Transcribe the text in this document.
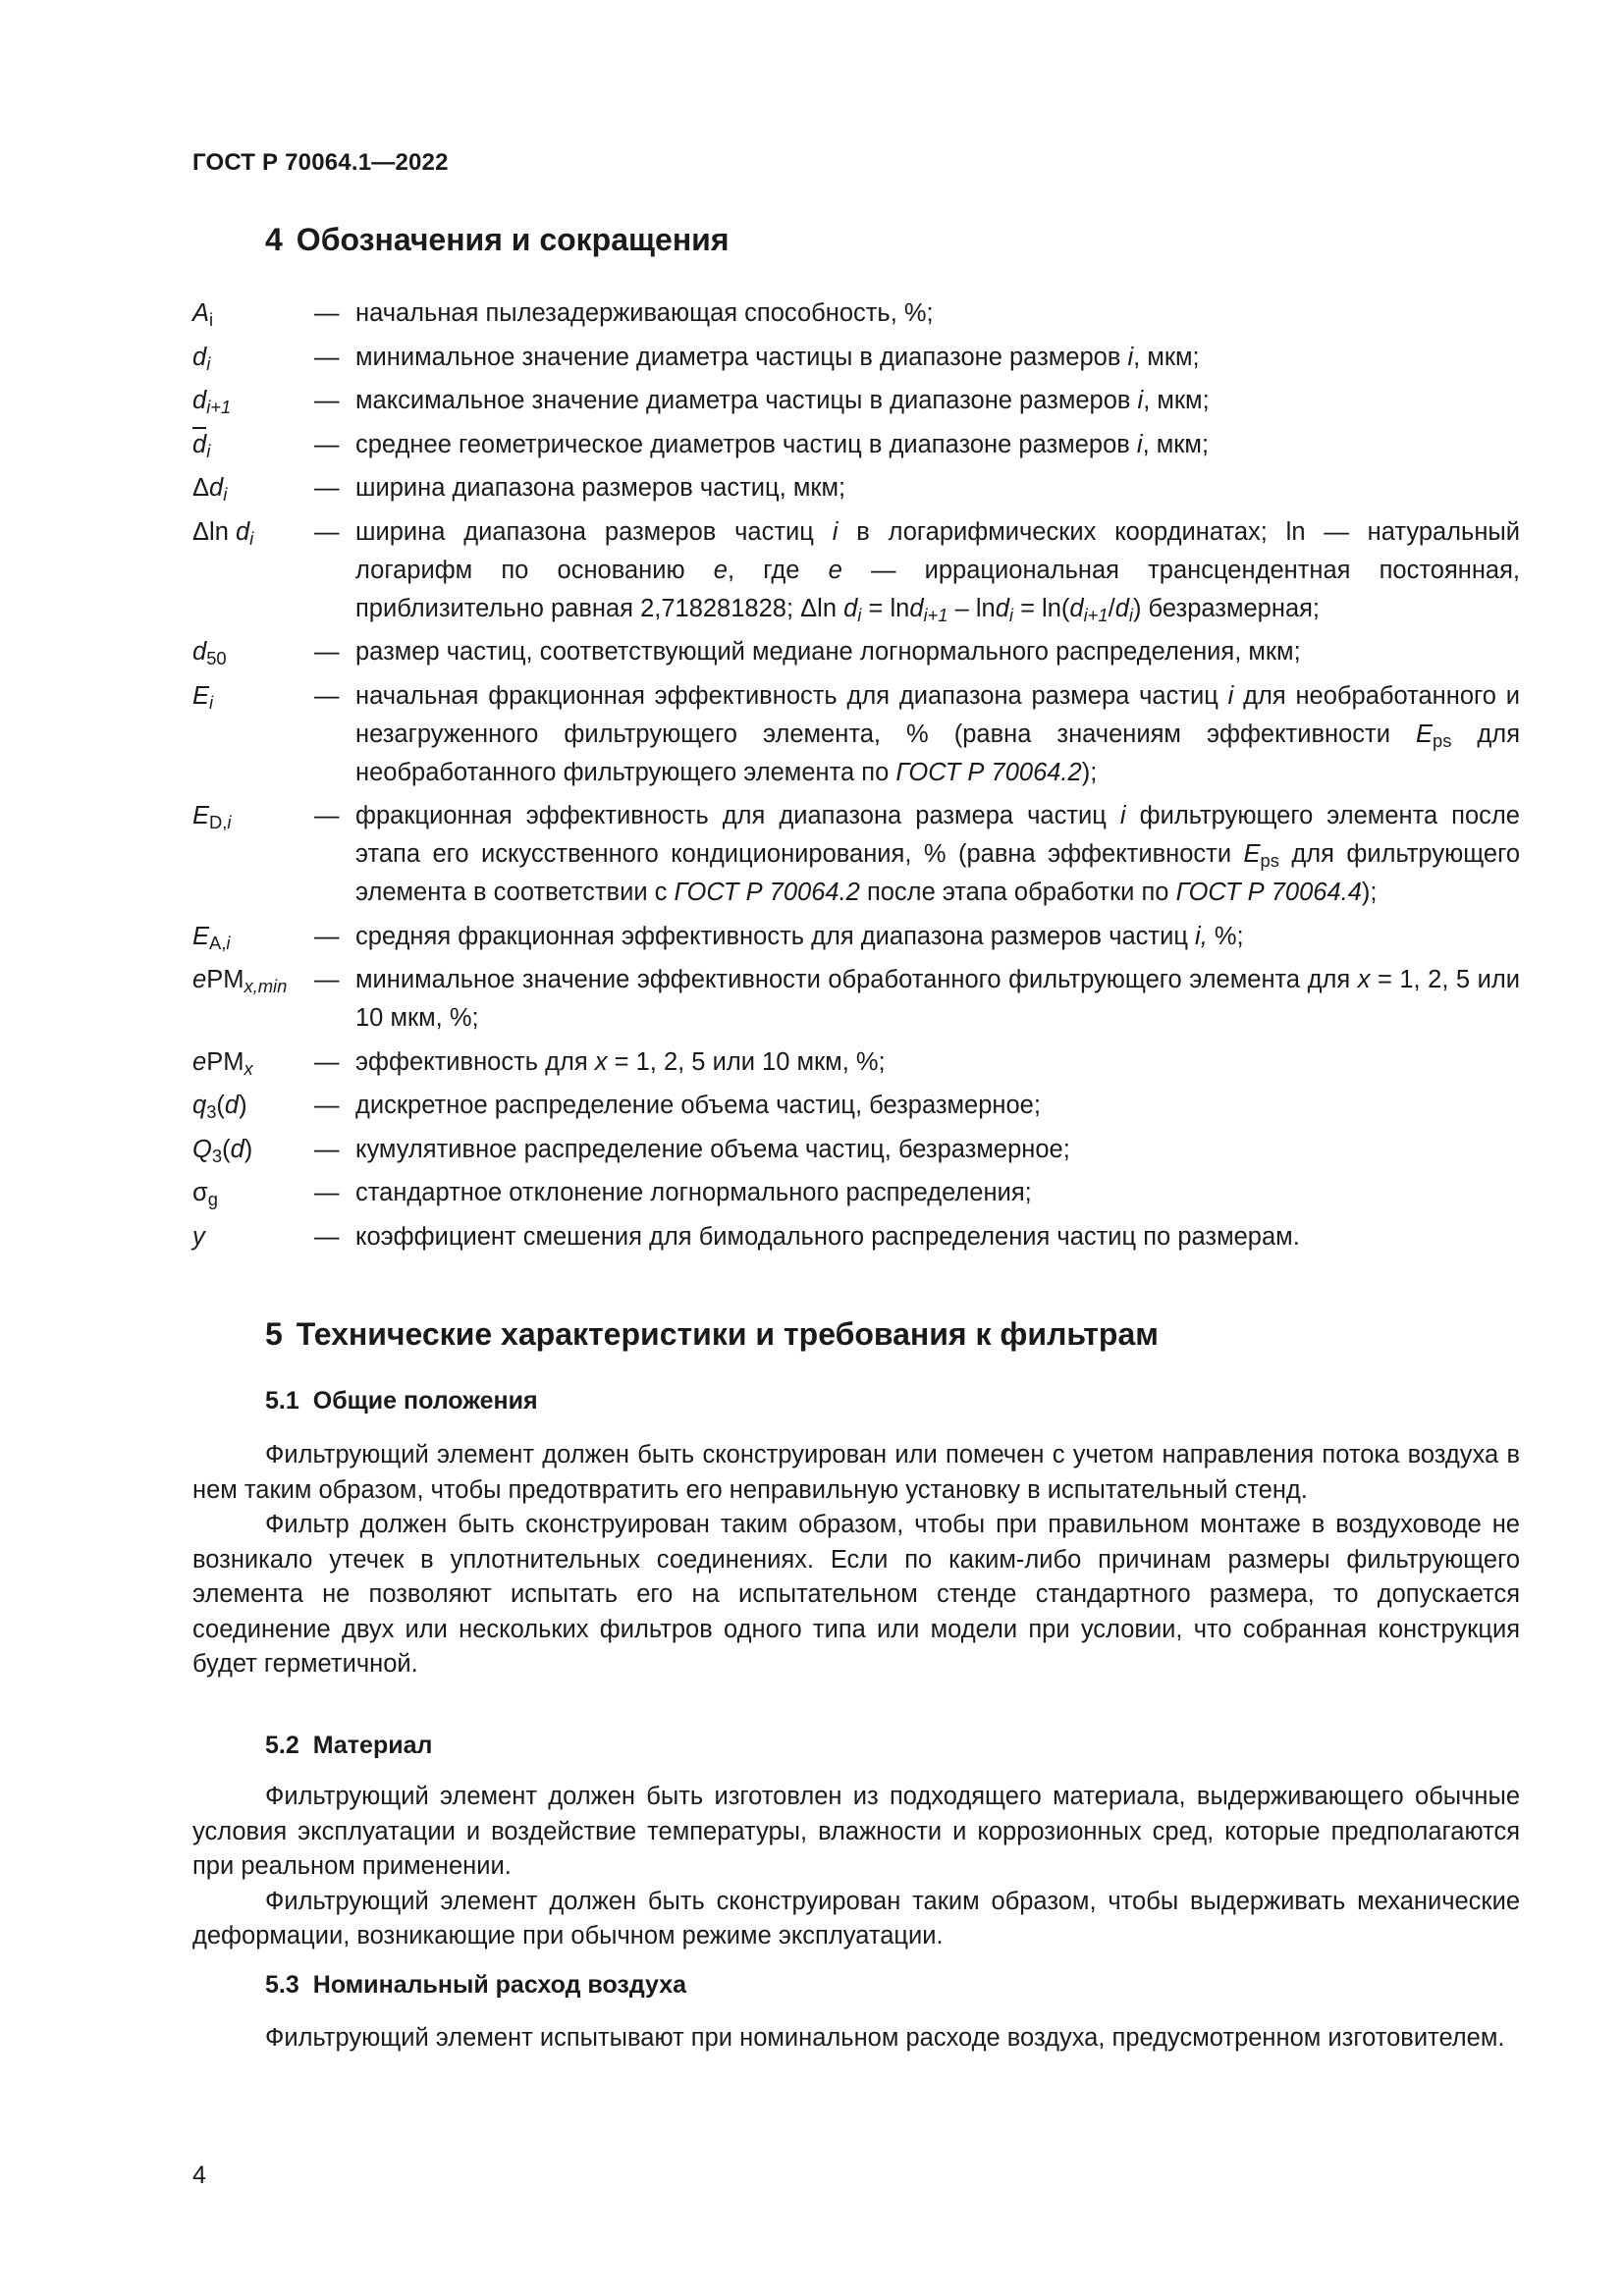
ГОСТ Р 70064.1—2022
4 Обозначения и сокращения
$A_i$	— начальная пылезадерживающая способность, %;
$d_i$	— минимальное значение диаметра частицы в диапазоне размеров i, мкм;
$d_{i+1}$	— максимальное значение диаметра частицы в диапазоне размеров i, мкм;
$d_i$	— среднее геометрическое диаметров частиц в диапазоне размеров i, мкм;
$\Delta d_i$	— ширина диапазона размеров частиц, мкм;
Δln $d_i$	— ширина диапазона размеров частиц i в логарифмических координатах; ln — натуральный логарифм по основанию e, где e — иррациональная трансцендентная постоянная, приблизительно равная 2,718281828; Δln $d_i = \ln d_{i+1} - \ln d_i = \ln(d_{i+1}/d_i)$ безразмерная;
$d_{50}$	— размер частиц, соответствующий медиане логнормального распределения, мкм;
$E_i$	— начальная фракционная эффективность для диапазона размера частиц i для необработанного и незагруженного фильтрующего элемента, % (равна значениям эффективности $E_{ps}$ для необработанного фильтрующего элемента по ГОСТ Р 70064.2);
$E_{D,i}$	— фракционная эффективность для диапазона размера частиц i фильтрующего элемента после этапа его искусственного кондиционирования, % (равна эффективности $E_{ps}$ для фильтрующего элемента в соответствии с ГОСТ Р 70064.2 после этапа обработки по ГОСТ Р 70064.4);
$E_{A,i}$	— средняя фракционная эффективность для диапазона размеров частиц i, %;
ePM$_{x,min}$	— минимальное значение эффективности обработанного фильтрующего элемента для x = 1, 2, 5 или 10 мкм, %;
ePM$_x$	— эффективность для x = 1, 2, 5 или 10 мкм, %;
$q_3(d)$	— дискретное распределение объема частиц, безразмерное;
$Q_3(d)$	— кумулятивное распределение объема частиц, безразмерное;
$\sigma_g$	— стандартное отклонение логнормального распределения;
y	— коэффициент смешения для бимодального распределения частиц по размерам.
5 Технические характеристики и требования к фильтрам
5.1 Общие положения

Фильтрующий элемент должен быть сконструирован или помечен с учетом направления потока воздуха в нем таким образом, чтобы предотвратить его неправильную установку в испытательный стенд.

Фильтр должен быть сконструирован таким образом, чтобы при правильном монтаже в воздуховоде не возникало утечек в уплотнительных соединениях. Если по каким-либо причинам размеры фильтрующего элемента не позволяют испытать его на испытательном стенде стандартного размера, то допускается соединение двух или нескольких фильтров одного типа или модели при условии, что собранная конструкция будет герметичной.

5.2 Материал

Фильтрующий элемент должен быть изготовлен из подходящего материала, выдерживающего обычные условия эксплуатации и воздействие температуры, влажности и коррозионных сред, которые предполагаются при реальном применении.

Фильтрующий элемент должен быть сконструирован таким образом, чтобы выдерживать механические деформации, возникающие при обычном режиме эксплуатации.

5.3 Номинальный расход воздуха

Фильтрующий элемент испытывают при номинальном расходе воздуха, предусмотренном изготовителем.

4
